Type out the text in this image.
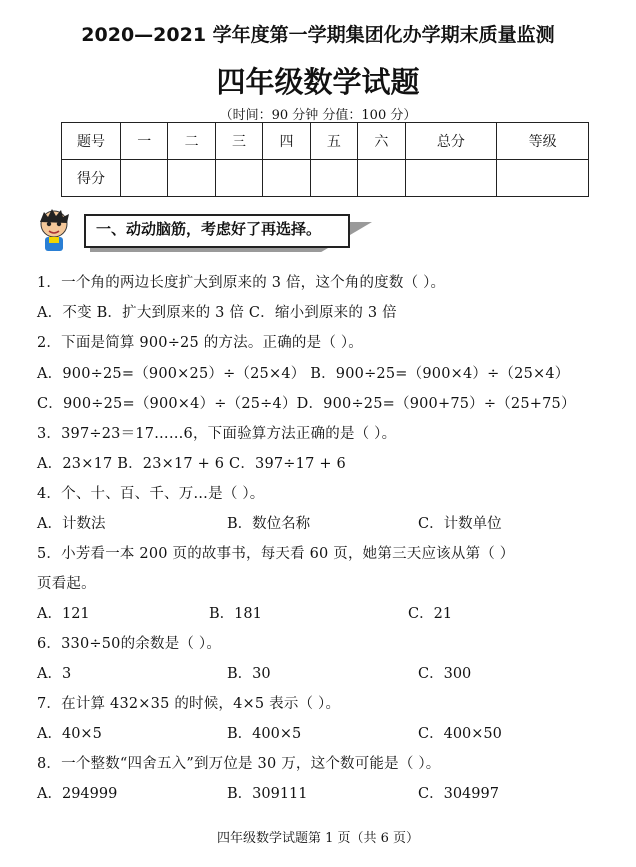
2020—2021 学年度第一学期集团化办学期末质量监测
四年级数学试题
（时间：90 分钟 分值：100 分）
题号	一	二	三	四	五	六	总分	等级
得分								
一、动动脑筋，考虑好了再选择。
1．一个角的两边长度扩大到原来的 3 倍，这个角的度数（ ）。
A．不变 B．扩大到原来的 3 倍 C．缩小到原来的 3 倍
2．下面是简算 900÷25 的方法。正确的是（ ）。
A．900÷25=（900×25）÷（25×4） B．900÷25=（900×4）÷（25×4）
C．900÷25=（900×4）÷（25÷4）D．900÷25=（900+75）÷（25+75）
3．397÷23＝17……6，下面验算方法正确的是（ ）。
A．23×17 B．23×17 + 6 C．397÷17 + 6
4．个、十、百、千、万…是（ ）。
A．计数法	B．数位名称	C．计数单位
5．小芳看一本 200 页的故事书，每天看 60 页，她第三天应该从第（ ）
页看起。
A．121	B．181	C．21
6．330÷50的余数是（ ）。
A．3	B．30	C．300
7．在计算 432×35 的时候，4×5 表示（ ）。
A．40×5	B．400×5	C．400×50
8．一个整数“四舍五入”到万位是 30 万，这个数可能是（ ）。
A．294999	B．309111	C．304997
四年级数学试题第 1 页（共 6 页）
